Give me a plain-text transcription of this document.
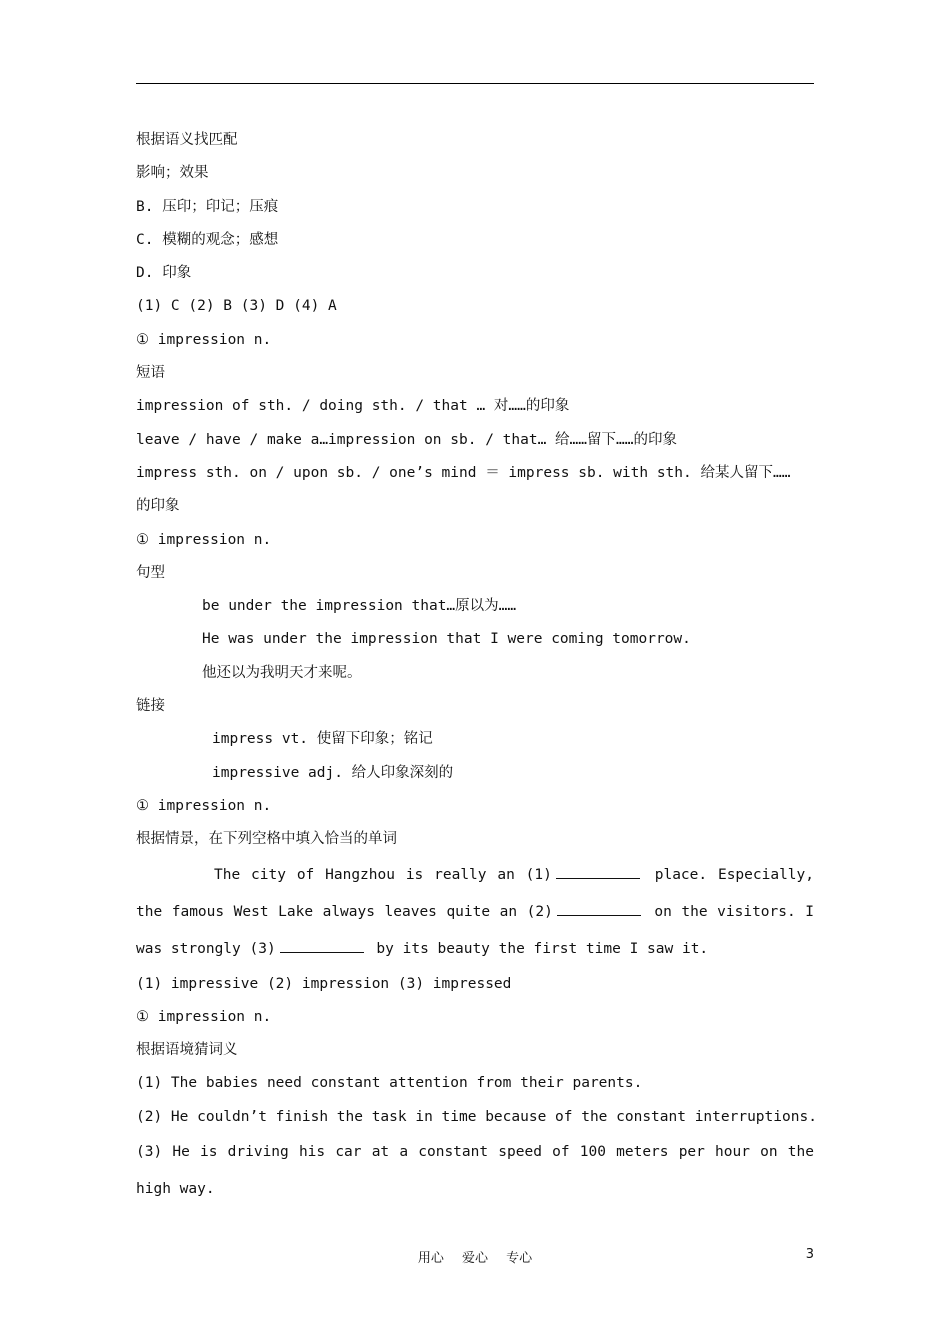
根据语义找匹配
影响；效果
B. 压印；印记；压痕
C. 模糊的观念；感想
D. 印象
(1) C (2) B (3) D (4) A
① impression n.
短语
impression of sth. / doing sth. / that … 对……的印象
leave / have / make a…impression on sb. / that… 给……留下……的印象
impress sth. on / upon sb. / one’s mind ＝ impress sb. with sth. 给某人留下……
的印象
① impression n.
句型
be under the impression that…原以为……
He was under the impression that I were coming tomorrow.
他还以为我明天才来呢。
链接
impress vt. 使留下印象；铭记
impressive adj. 给人印象深刻的
① impression n.
根据情景，在下列空格中填入恰当的单词
The city of Hangzhou is really an (1)	place. Especially, the famous West Lake always leaves quite an (2)	on the visitors. I was strongly (3)	by its beauty the first time I saw it.
(1) impressive (2) impression (3) impressed
① impression n.
根据语境猜词义
(1) The babies need constant attention from their parents.
(2) He couldn’t finish the task in time because of the constant interruptions.
(3) He is driving his car at a constant speed of 100 meters per hour on the high way.
用心 爱心 专心	3
